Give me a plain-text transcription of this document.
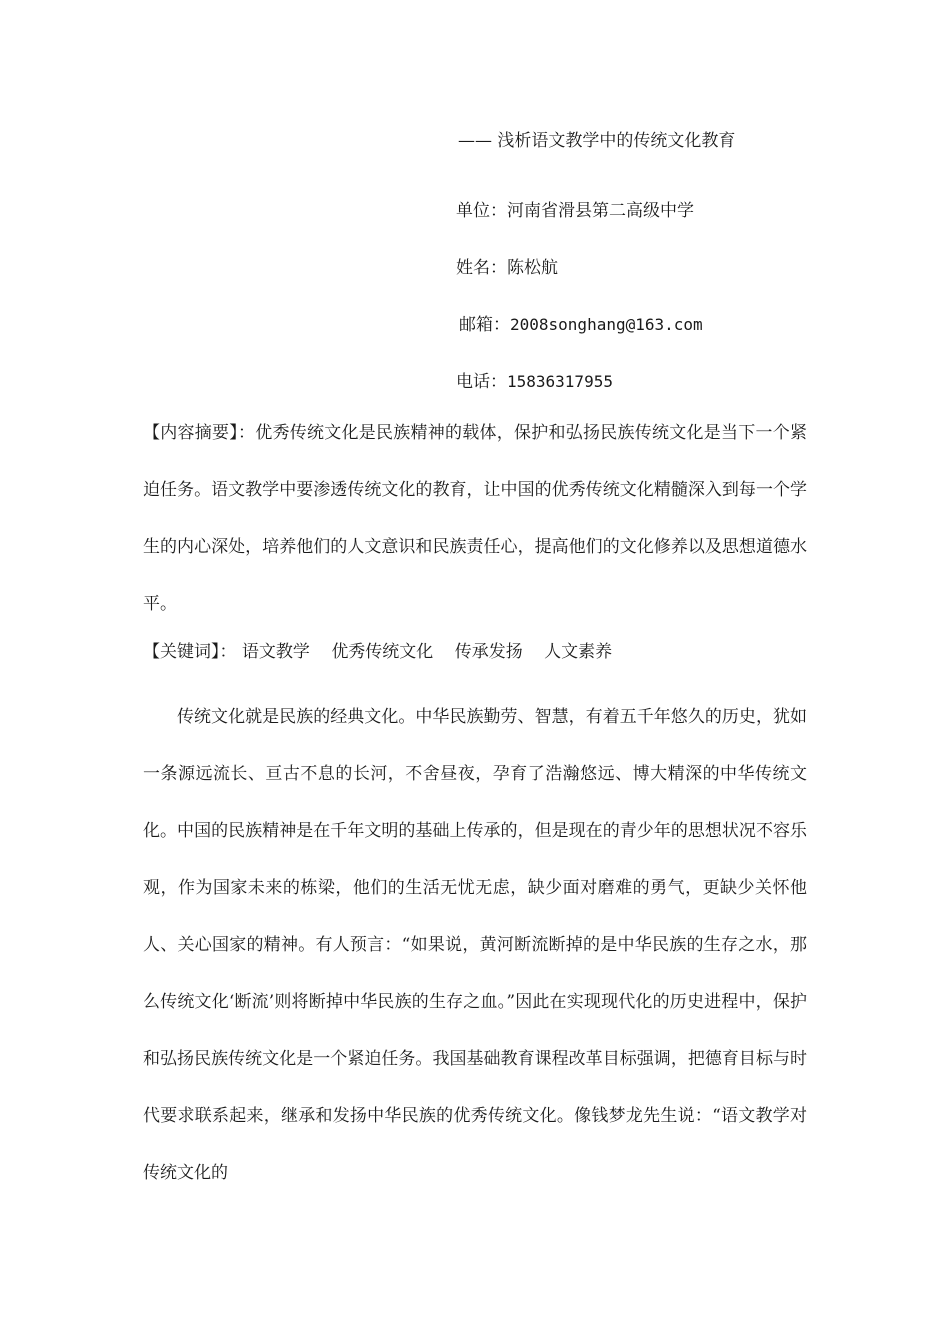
—— 浅析语文教学中的传统文化教育
单位：河南省滑县第二高级中学
姓名：陈松航
邮箱：2008songhang@163.com
电话：15836317955
【内容摘要】：优秀传统文化是民族精神的载体，保护和弘扬民族传统文化是当下一个紧迫任务。语文教学中要渗透传统文化的教育，让中国的优秀传统文化精髓深入到每一个学生的内心深处，培养他们的人文意识和民族责任心，提高他们的文化修养以及思想道德水平。
【关键词】： 语文教学 优秀传统文化 传承发扬 人文素养
传统文化就是民族的经典文化。中华民族勤劳、智慧，有着五千年悠久的历史，犹如一条源远流长、亘古不息的长河，不舍昼夜，孕育了浩瀚悠远、博大精深的中华传统文化。中国的民族精神是在千年文明的基础上传承的，但是现在的青少年的思想状况不容乐观，作为国家未来的栋梁，他们的生活无忧无虑，缺少面对磨难的勇气，更缺少关怀他人、关心国家的精神。有人预言：“如果说，黄河断流断掉的是中华民族的生存之水，那么传统文化‘断流’则将断掉中华民族的生存之血。”因此在实现现代化的历史进程中，保护和弘扬民族传统文化是一个紧迫任务。我国基础教育课程改革目标强调，把德育目标与时代要求联系起来，继承和发扬中华民族的优秀传统文化。像钱梦龙先生说：“语文教学对传统文化的
